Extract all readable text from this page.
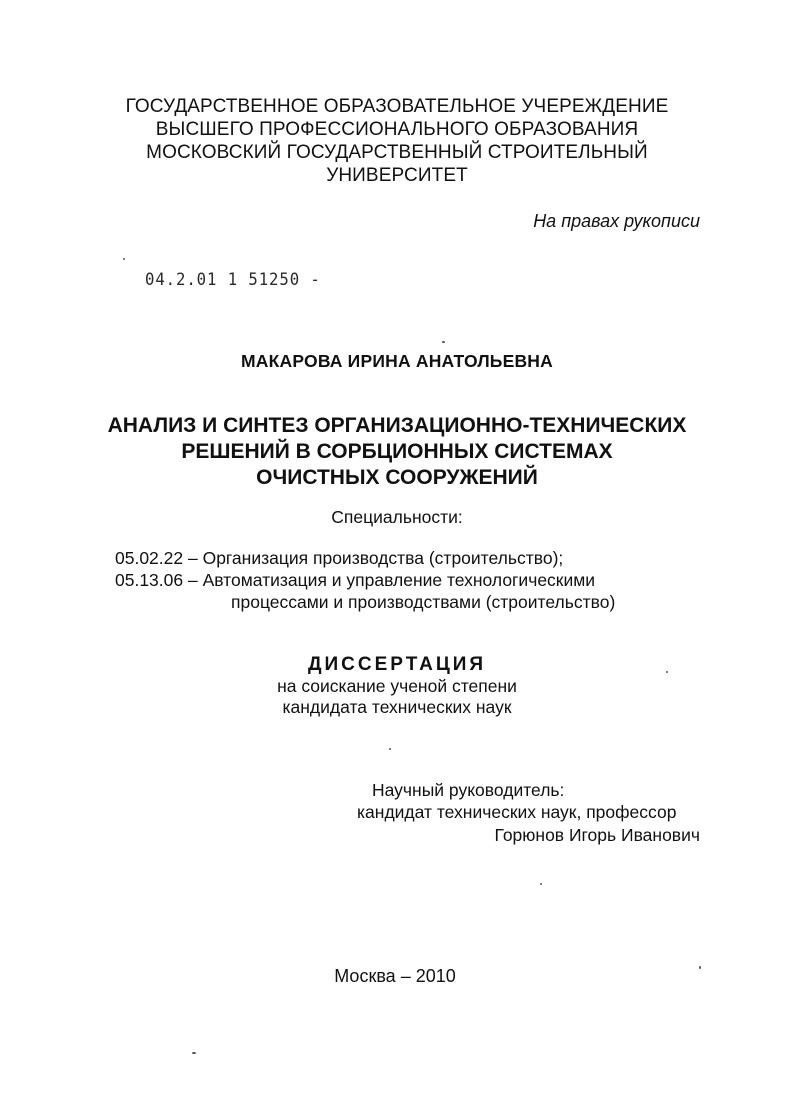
ГОСУДАРСТВЕННОЕ ОБРАЗОВАТЕЛЬНОЕ УЧЕРЕЖДЕНИЕ
ВЫСШЕГО ПРОФЕССИОНАЛЬНОГО ОБРАЗОВАНИЯ
МОСКОВСКИЙ ГОСУДАРСТВЕННЫЙ СТРОИТЕЛЬНЫЙ
УНИВЕРСИТЕТ
На правах рукописи
04.2.01 1 51250 -
МАКАРОВА ИРИНА АНАТОЛЬЕВНА
АНАЛИЗ И СИНТЕЗ ОРГАНИЗАЦИОННО-ТЕХНИЧЕСКИХ
РЕШЕНИЙ В СОРБЦИОННЫХ СИСТЕМАХ
ОЧИСТНЫХ СООРУЖЕНИЙ
Специальности:
05.02.22 – Организация производства (строительство);
05.13.06 – Автоматизация и управление технологическими
процессами и производствами (строительство)
ДИССЕРТАЦИЯ
на соискание ученой степени
кандидата технических наук
Научный руководитель:
кандидат технических наук, профессор
Горюнов Игорь Иванович
Москва – 2010
